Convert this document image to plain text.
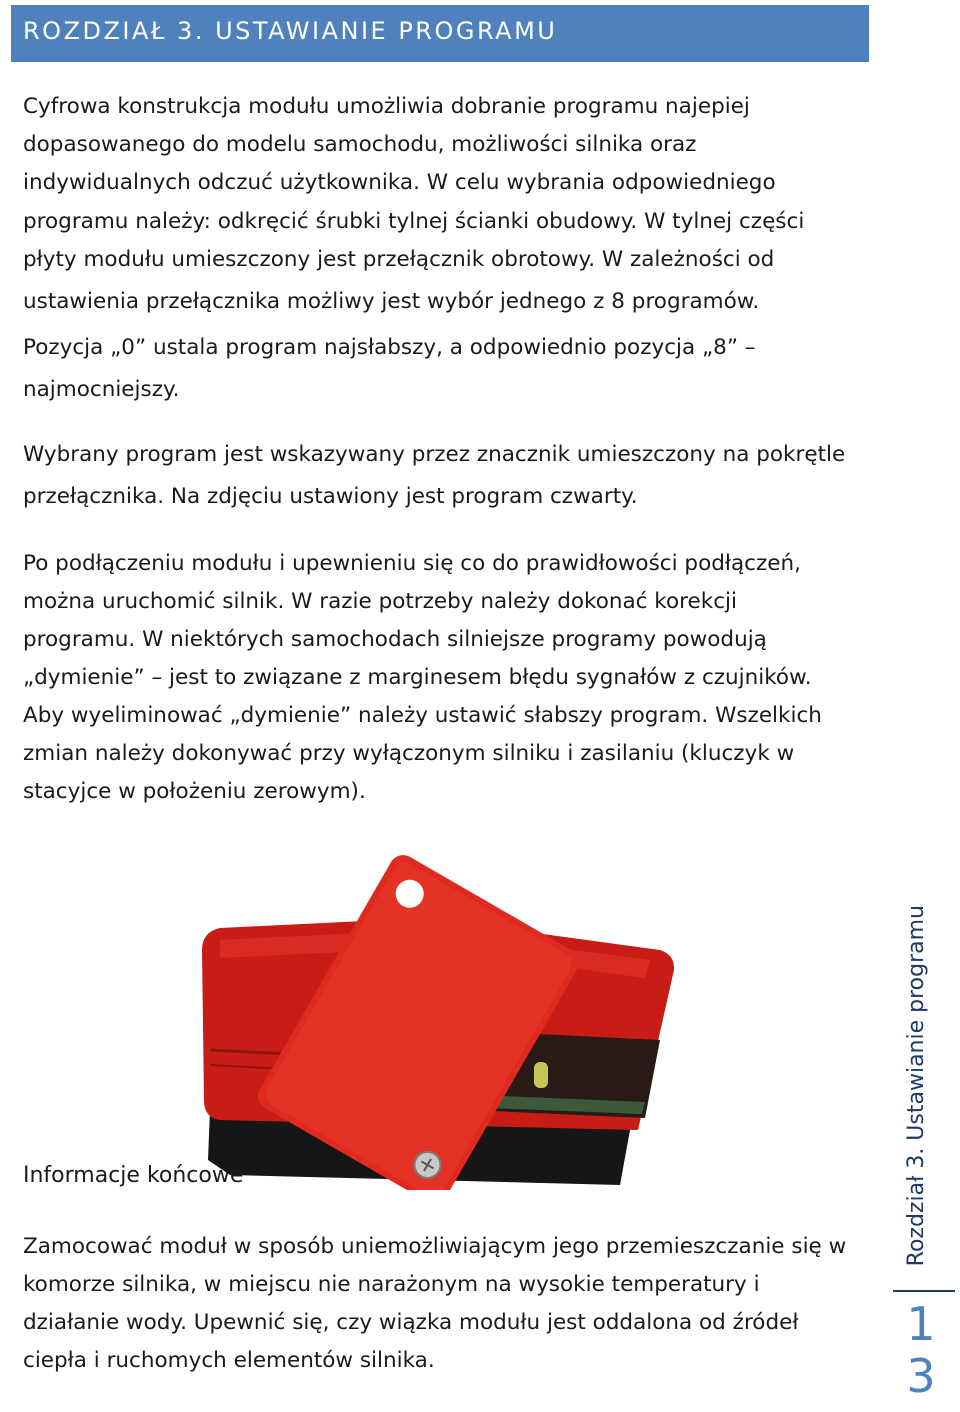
ROZDZIAŁ 3. USTAWIANIE PROGRAMU
Cyfrowa konstrukcja modułu umożliwia dobranie programu najepiej
dopasowanego do modelu samochodu, możliwości silnika oraz
indywidualnych odczuć użytkownika. W celu wybrania odpowiedniego
programu należy: odkręcić śrubki tylnej ścianki obudowy. W tylnej części
płyty modułu umieszczony jest przełącznik obrotowy. W zależności od
ustawienia przełącznika możliwy jest wybór jednego z 8 programów.
Pozycja „0” ustala program najsłabszy, a odpowiednio pozycja „8” –
najmocniejszy.
Wybrany program jest wskazywany przez znacznik umieszczony na pokrętle
przełącznika. Na zdjęciu ustawiony jest program czwarty.
Po podłączeniu modułu i upewnieniu się co do prawidłowości podłączeń,
można uruchomić silnik. W razie potrzeby należy dokonać korekcji
programu. W niektórych samochodach silniejsze programy powodują
„dymienie” – jest to związane z marginesem błędu sygnałów z czujników.
Aby wyeliminować „dymienie” należy ustawić słabszy program. Wszelkich
zmian należy dokonywać przy wyłączonym silniku i zasilaniu (kluczyk w
stacyjce w położeniu zerowym).
Informacje końcowe
Zamocować moduł w sposób uniemożliwiającym jego przemieszczanie się w
komorze silnika, w miejscu nie narażonym na wysokie temperatury i
działanie wody. Upewnić się, czy wiązka modułu jest oddalona od źródeł
ciepła i ruchomych elementów silnika.
Rozdział 3. Ustawianie programu
1
3
